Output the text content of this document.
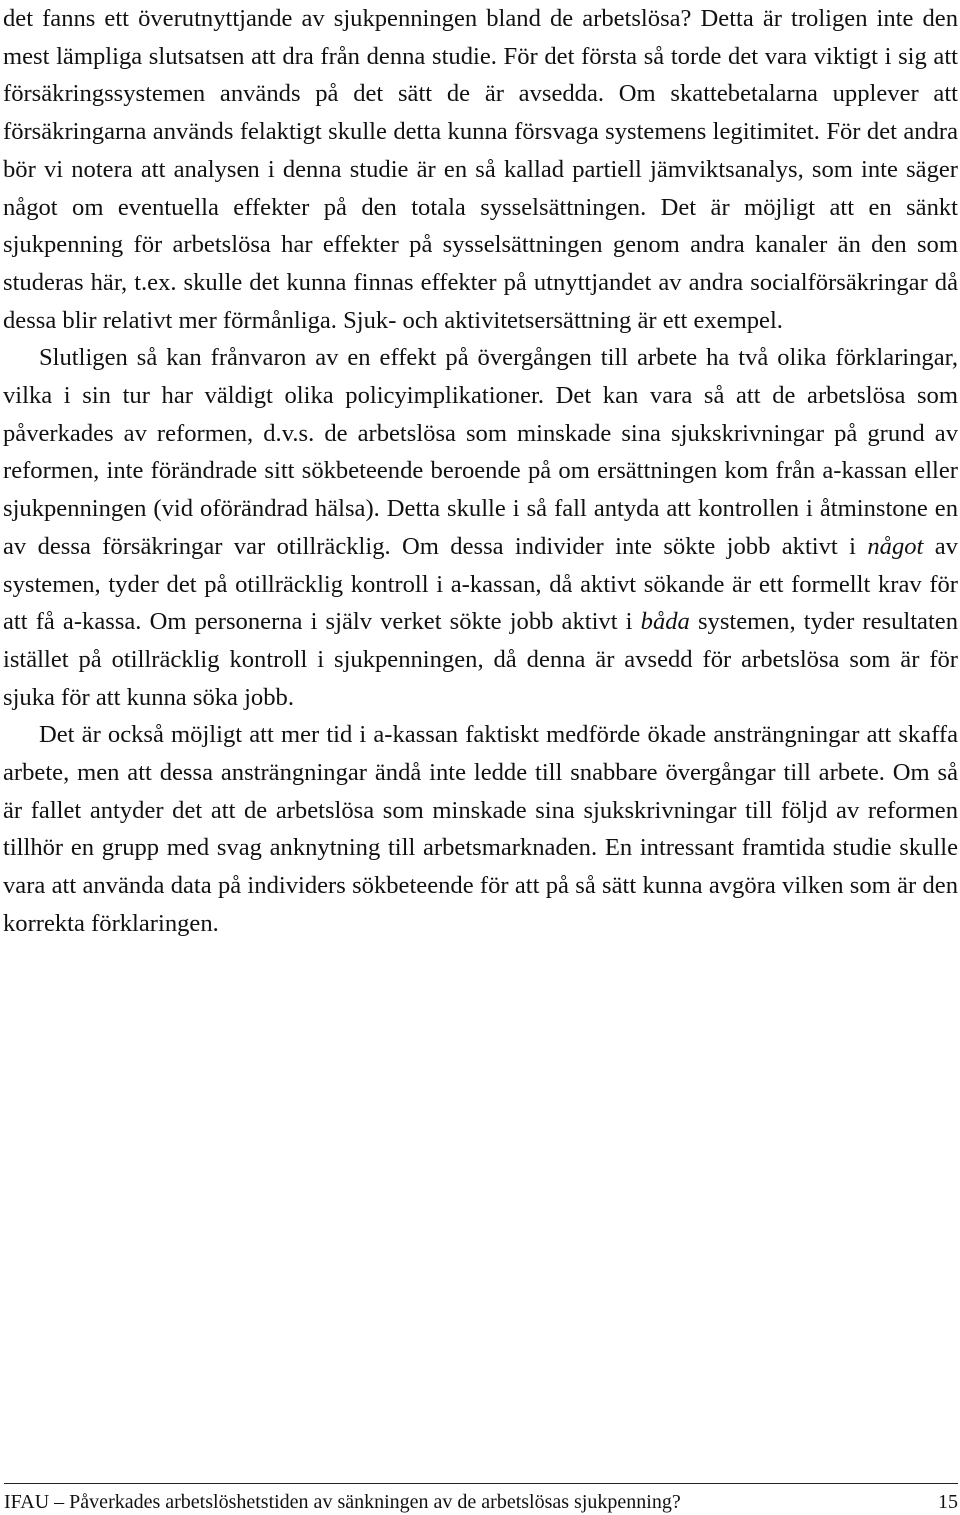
det fanns ett överutnyttjande av sjukpenningen bland de arbetslösa? Detta är troligen inte den mest lämpliga slutsatsen att dra från denna studie. För det första så torde det vara viktigt i sig att försäkringssystemen används på det sätt de är avsedda. Om skattebetalarna upplever att försäkringarna används felaktigt skulle detta kunna försvaga systemens legitimitet. För det andra bör vi notera att analysen i denna studie är en så kallad partiell jämviktsanalys, som inte säger något om eventuella effekter på den totala sysselsättningen. Det är möjligt att en sänkt sjukpenning för arbetslösa har effekter på sysselsättningen genom andra kanaler än den som studeras här, t.ex. skulle det kunna finnas effekter på utnyttjandet av andra socialförsäkringar då dessa blir relativt mer förmånliga. Sjuk- och aktivitetsersättning är ett exempel.

Slutligen så kan frånvaron av en effekt på övergången till arbete ha två olika förklaringar, vilka i sin tur har väldigt olika policyimplikationer. Det kan vara så att de arbetslösa som påverkades av reformen, d.v.s. de arbetslösa som minskade sina sjukskrivningar på grund av reformen, inte förändrade sitt sökbeteende beroende på om ersättningen kom från a-kassan eller sjukpenningen (vid oförändrad hälsa). Detta skulle i så fall antyda att kontrollen i åtminstone en av dessa försäkringar var otillräcklig. Om dessa individer inte sökte jobb aktivt i något av systemen, tyder det på otillräcklig kontroll i a-kassan, då aktivt sökande är ett formellt krav för att få a-kassa. Om personerna i själv verket sökte jobb aktivt i båda systemen, tyder resultaten istället på otillräcklig kontroll i sjukpenningen, då denna är avsedd för arbetslösa som är för sjuka för att kunna söka jobb.

Det är också möjligt att mer tid i a-kassan faktiskt medförde ökade ansträngningar att skaffa arbete, men att dessa ansträngningar ändå inte ledde till snabbare övergångar till arbete. Om så är fallet antyder det att de arbetslösa som minskade sina sjukskrivningar till följd av reformen tillhör en grupp med svag anknytning till arbetsmarknaden. En intressant framtida studie skulle vara att använda data på individers sökbeteende för att på så sätt kunna avgöra vilken som är den korrekta förklaringen.

IFAU – Påverkades arbetslöshetstiden av sänkningen av de arbetslösas sjukpenning?	15
